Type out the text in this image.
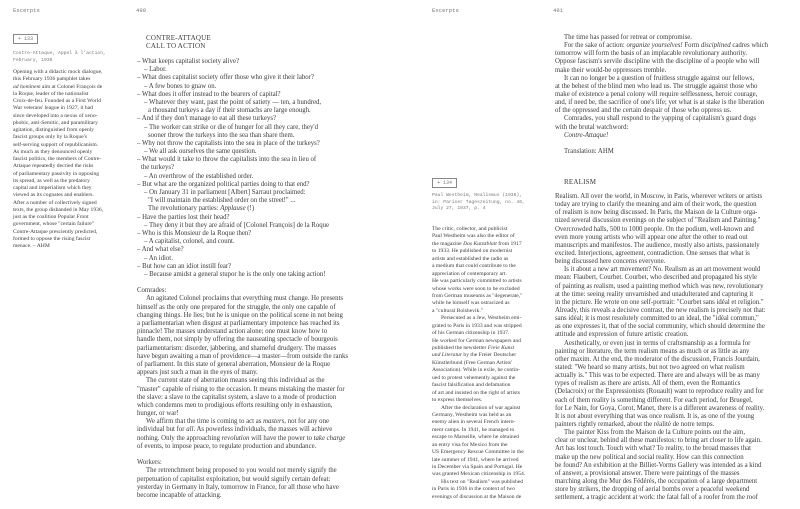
Excerpts	490
+ 133
Contre-Attaque, Appel à l'action,
February, 1936
Opening with a didactic mock dialogue,
this February 1936 pamphlet takes
ad hominem aim at Colonel François de
la Roque, leader of the nationalist
Croix-de-feu. Founded as a First World
War veterans' league in 1927, it had
since developed into a nexus of xeno-
phobic, anti-Semitic, and paramilitary
agitation, distinguished from openly
fascist groups only by la Roque's
self-serving support of republicanism.
As much as they denounced openly
fascist politics, the members of Contre-
Attaque repeatedly decried the risks
of parliamentary passivity in opposing
its spread, as well as the predatory
capital and imperialism which they
viewed as its cognates and enablers.
After a number of collectively signed
texts, the group disbanded in May 1936,
just as the coalition Popular Front
government, whose "certain failure"
Contre-Attaque presciently predicted,
formed to oppose the rising fascist
menace. – AHM
CONTRE-ATTAQUE
CALL TO ACTION
– What keeps capitalist society alive?
– Labor.
– What does capitalist society offer those who give it their labor?
– A few bones to gnaw on.
– What does it offer instead to the bearers of capital?
– Whatever they want, past the point of satiety — ten, a hundred,
a thousand turkeys a day if their stomachs are large enough.
– And if they don't manage to eat all these turkeys?
– The worker can strike or die of hunger for all they care, they'd
sooner throw the turkeys into the sea than share them.
– Why not throw the capitalists into the sea in place of the turkeys?
– We all ask ourselves the same question.
– What would it take to throw the capitalists into the sea in lieu of
the turkeys?
– An overthrow of the established order.
– But what are the organized political parties doing to that end?
– On January 31 in parliament [Albert] Sarraut proclaimed:
"I will maintain the established order on the street!" ...
The revolutionary parties: Applause (!)
– Have the parties lost their head?
– They deny it but they are afraid of [Colonel François] de la Roque
– Who is this Monsieur de la Roque then?
– A capitalist, colonel, and count.
– And what else?
– An idiot.
– But how can an idiot instill fear?
– Because amidst a general stupor he is the only one taking action!
Comrades:
An agitated Colonel proclaims that everything must change. He presents
himself as the only one prepared for the struggle, the only one capable of
changing things. He lies; but he is unique on the political scene in not being
a parliamentarian when disgust at parliamentary impotence has reached its
pinnacle! The masses understand action alone; one must know how to
handle them, not simply by offering the nauseating spectacle of bourgeois
parliamentarism: disorder, jabbering, and shameful drudgery. The masses
have begun awaiting a man of providence—a master—from outside the ranks
of parliament. In this state of general aberration, Monsieur de la Roque
appears just such a man in the eyes of many.
The current state of aberration means seeing this individual as the
"master" capable of rising to the occasion. It means mistaking the master for
the slave: a slave to the capitalist system, a slave to a mode of production
which condemns men to prodigious efforts resulting only in exhaustion,
hunger, or war!
We affirm that the time is coming to act as masters, not for any one
individual but for all. As powerless individuals, the masses will achieve
nothing. Only the approaching revolution will have the power to take charge
of events, to impose peace, to regulate production and abundance.
Workers:
The retrenchment being proposed to you would not merely signify the
perpetuation of capitalist exploitation, but would signify certain defeat:
yesterday in Germany in Italy, tomorrow in France, for all those who have
become incapable of attacking.
Excerpts	491
The time has passed for retreat or compromise.
For the sake of action: organize yourselves! Form disciplined cadres which
tomorrow will form the basis of an implacable revolutionary authority.
Oppose fascism's servile discipline with the discipline of a people who will
make their would-be oppressors tremble.
It can no longer be a question of fruitless struggle against our fellows,
at the behest of the blind men who lead us. The struggle against those who
make of existence a penal colony will require selflessness, heroic courage,
and, if need be, the sacrifice of one's life; yet what is at stake is the liberation
of the oppressed and the certain despair of those who oppress us.
Comrades, you shall respond to the yapping of capitalism's guard dogs
with the brutal watchword:
Contre-Attaque!
Translation: AHM
+ 134	REALISM
Paul Westheim, Realismus (1936),
in: Pariser Tageszeitung, no. 46,
July 27, 1937, p. 4
The critic, collector, and publicist
Paul Westheim was also the editor of
the magazine Das Kunstblatt from 1917
to 1933. He published on modernist
artists and established the radio as
a medium that could contribute to the
appreciation of contemporary art.
He was particularly committed to artists
whose works were soon to be excluded
from German museums as "degenerate,"
while he himself was ostracized as
a "cultural Bolshevik."
Persecuted as a Jew, Westheim emi-
grated to Paris in 1933 and was stripped
of his German citizenship in 1937.
He worked for German newspapers and
published the newsletter Freie Kunst
und Literatur by the Freier Deutscher
Künstlerbund (Free German Artists'
Association). While in exile, he contin-
ued to protest vehemently against the
fascist falsification and defamation
of art and insisted on the right of artists
to express themselves.
After the declaration of war against
Germany, Westheim was held as an
enemy alien in several French intern-
ment camps. In 1941, he managed to
escape to Marseille, where he obtained
an entry visa for Mexico from the
US Emergency Rescue Committee in the
late summer of 1941, where he arrived
in December via Spain and Portugal. He
was granted Mexican citizenship in 1954.
His text on "Realism" was published
in Paris in 1936 in the context of two
evenings of discussion at the Maison de
Realism. All over the world, in Moscow, in Paris, wherever writers or artists
today are trying to clarify the meaning and aim of their work, the question
of realism is now being discussed. In Paris, the Maison de la Culture orga-
nized several discussion evenings on the subject of "Realism and Painting."
Overcrowded halls, 500 to 1000 people. On the podium, well-known and
even more young artists who will appear one after the other to read out
manuscripts and manifestos. The audience, mostly also artists, passionately
excited. Interjections, agreement, contradiction. One senses that what is
being discussed here concerns everyone.
Is it about a new art movement? No. Realism as an art movement would
mean: Flaubert, Courbet. Courbet, who described and propagated his style
of painting as realism, used a painting method which was new, revolutionary
at the time: seeing reality unvarnished and unadulterated and capturing it
in the picture. He wrote on one self-portrait: "Courbet sans idéal et religion."
Already, this reveals a decisive contrast, the new realism is precisely not that:
sans idéal; it is most resolutely committed to an ideal, the "idéal commun,"
as one expresses it, that of the social community, which should determine the
attitude and expression of future artistic creation.
Aesthetically, or even just in terms of craftsmanship as a formula for
painting or literature, the term realism means as much or as little as any
other maxim. At the end, the moderator of the discussion, Francis Jourdain,
stated: "We heard so many artists, but not two agreed on what realism
actually is." This was to be expected. There are and always will be as many
types of realism as there are artists. All of them, even the Romantics
(Delacroix) or the Expressionists (Rouault) want to reproduce reality and for
each of them reality is something different. For each period, for Bruegel,
for Le Nain, for Goya, Corot, Manet, there is a different awareness of reality.
It is not about everything that was once realism. It is, as one of the young
painters rightly remarked, about the réalité de notre temps.
The painter Kiss from the Maison de la Culture points out the aim,
clear or unclear, behind all these manifestos: to bring art closer to life again.
Art has lost touch. Touch with what? To reality, to the broad masses that
make up the new political and social reality. How can this connection
be found? An exhibition at the Billiet-Vorms Gallery was intended as a kind
of answer, a provisional answer. There were paintings of the masses
marching along the Mur des Fédérés, the occupation of a large department
store by strikers, the dropping of aerial bombs over a peaceful weekend
settlement, a tragic accident at work: the fatal fall of a roofer from the roof
